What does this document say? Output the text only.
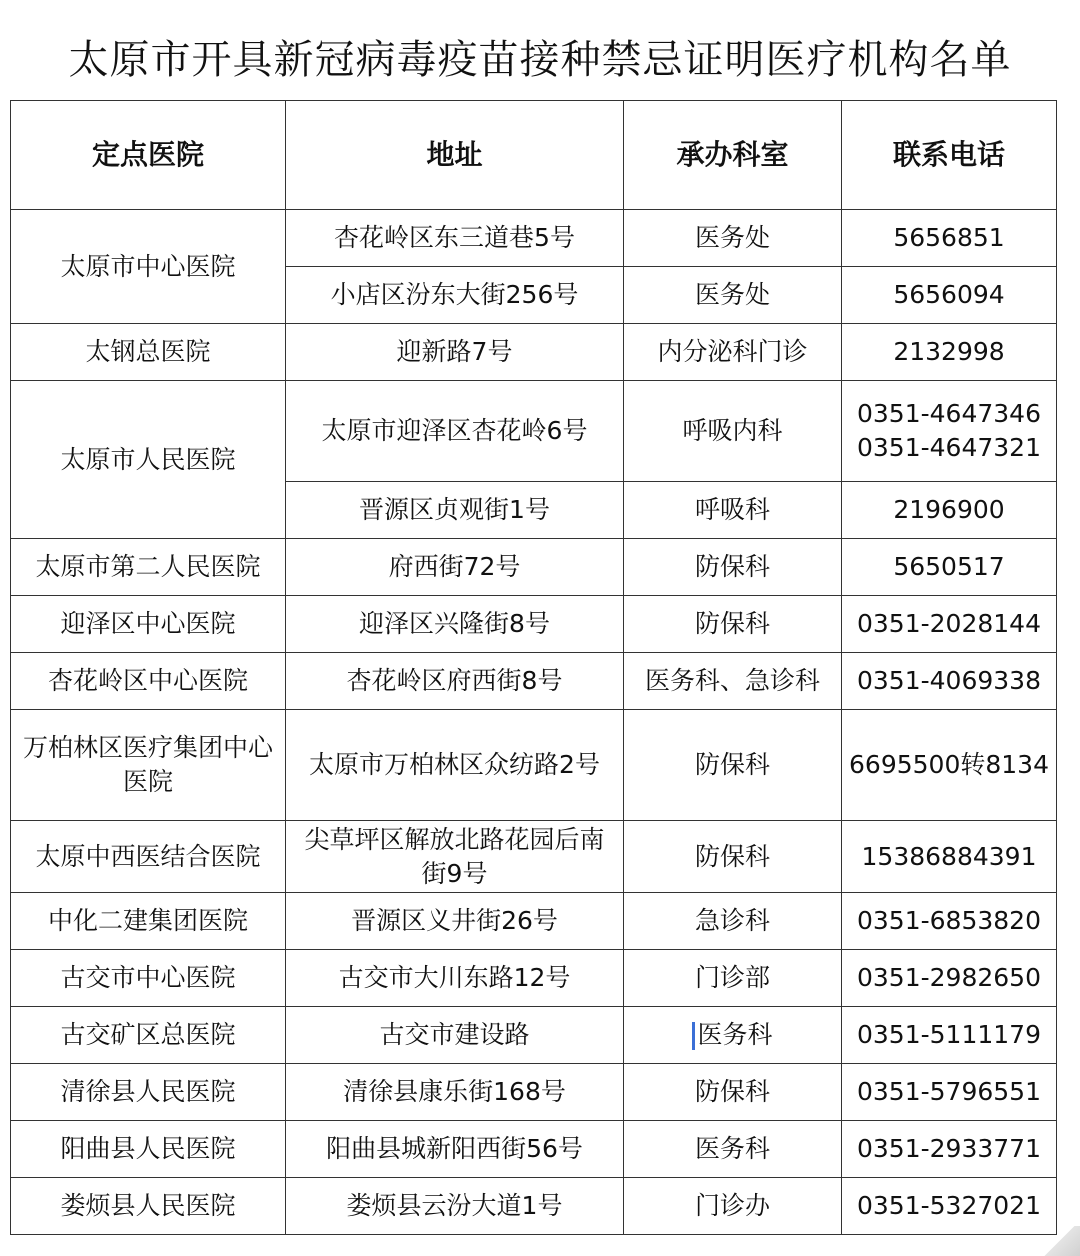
太原市开具新冠病毒疫苗接种禁忌证明医疗机构名单
定点医院	地址	承办科室	联系电话
太原市中心医院	杏花岭区东三道巷5号	医务处	5656851
	小店区汾东大街256号	医务处	5656094
太钢总医院	迎新路7号	内分泌科门诊	2132998
太原市人民医院	太原市迎泽区杏花岭6号	呼吸内科	0351-4647346
0351-4647321

	晋源区贞观街1号	呼吸科	2196900
太原市第二人民医院	府西街72号	防保科	5650517
迎泽区中心医院	迎泽区兴隆街8号	防保科	0351-2028144
杏花岭区中心医院	杏花岭区府西街8号	医务科、急诊科	0351-4069338

万柏林区医疗集团中心
医院	太原市万柏林区众纺路2号	防保科	6695500转8134
太原中西医结合医院	尖草坪区解放北路花园后南
街9号	防保科	15386884391
中化二建集团医院	晋源区义井街26号	急诊科	0351-6853820
古交市中心医院	古交市大川东路12号	门诊部	0351-2982650
古交矿区总医院	古交市建设路	医务科	0351-5111179
清徐县人民医院	清徐县康乐街168号	防保科	0351-5796551
阳曲县人民医院	阳曲县城新阳西街56号	医务科	0351-2933771
娄烦县人民医院	娄烦县云汾大道1号	门诊办	0351-5327021
